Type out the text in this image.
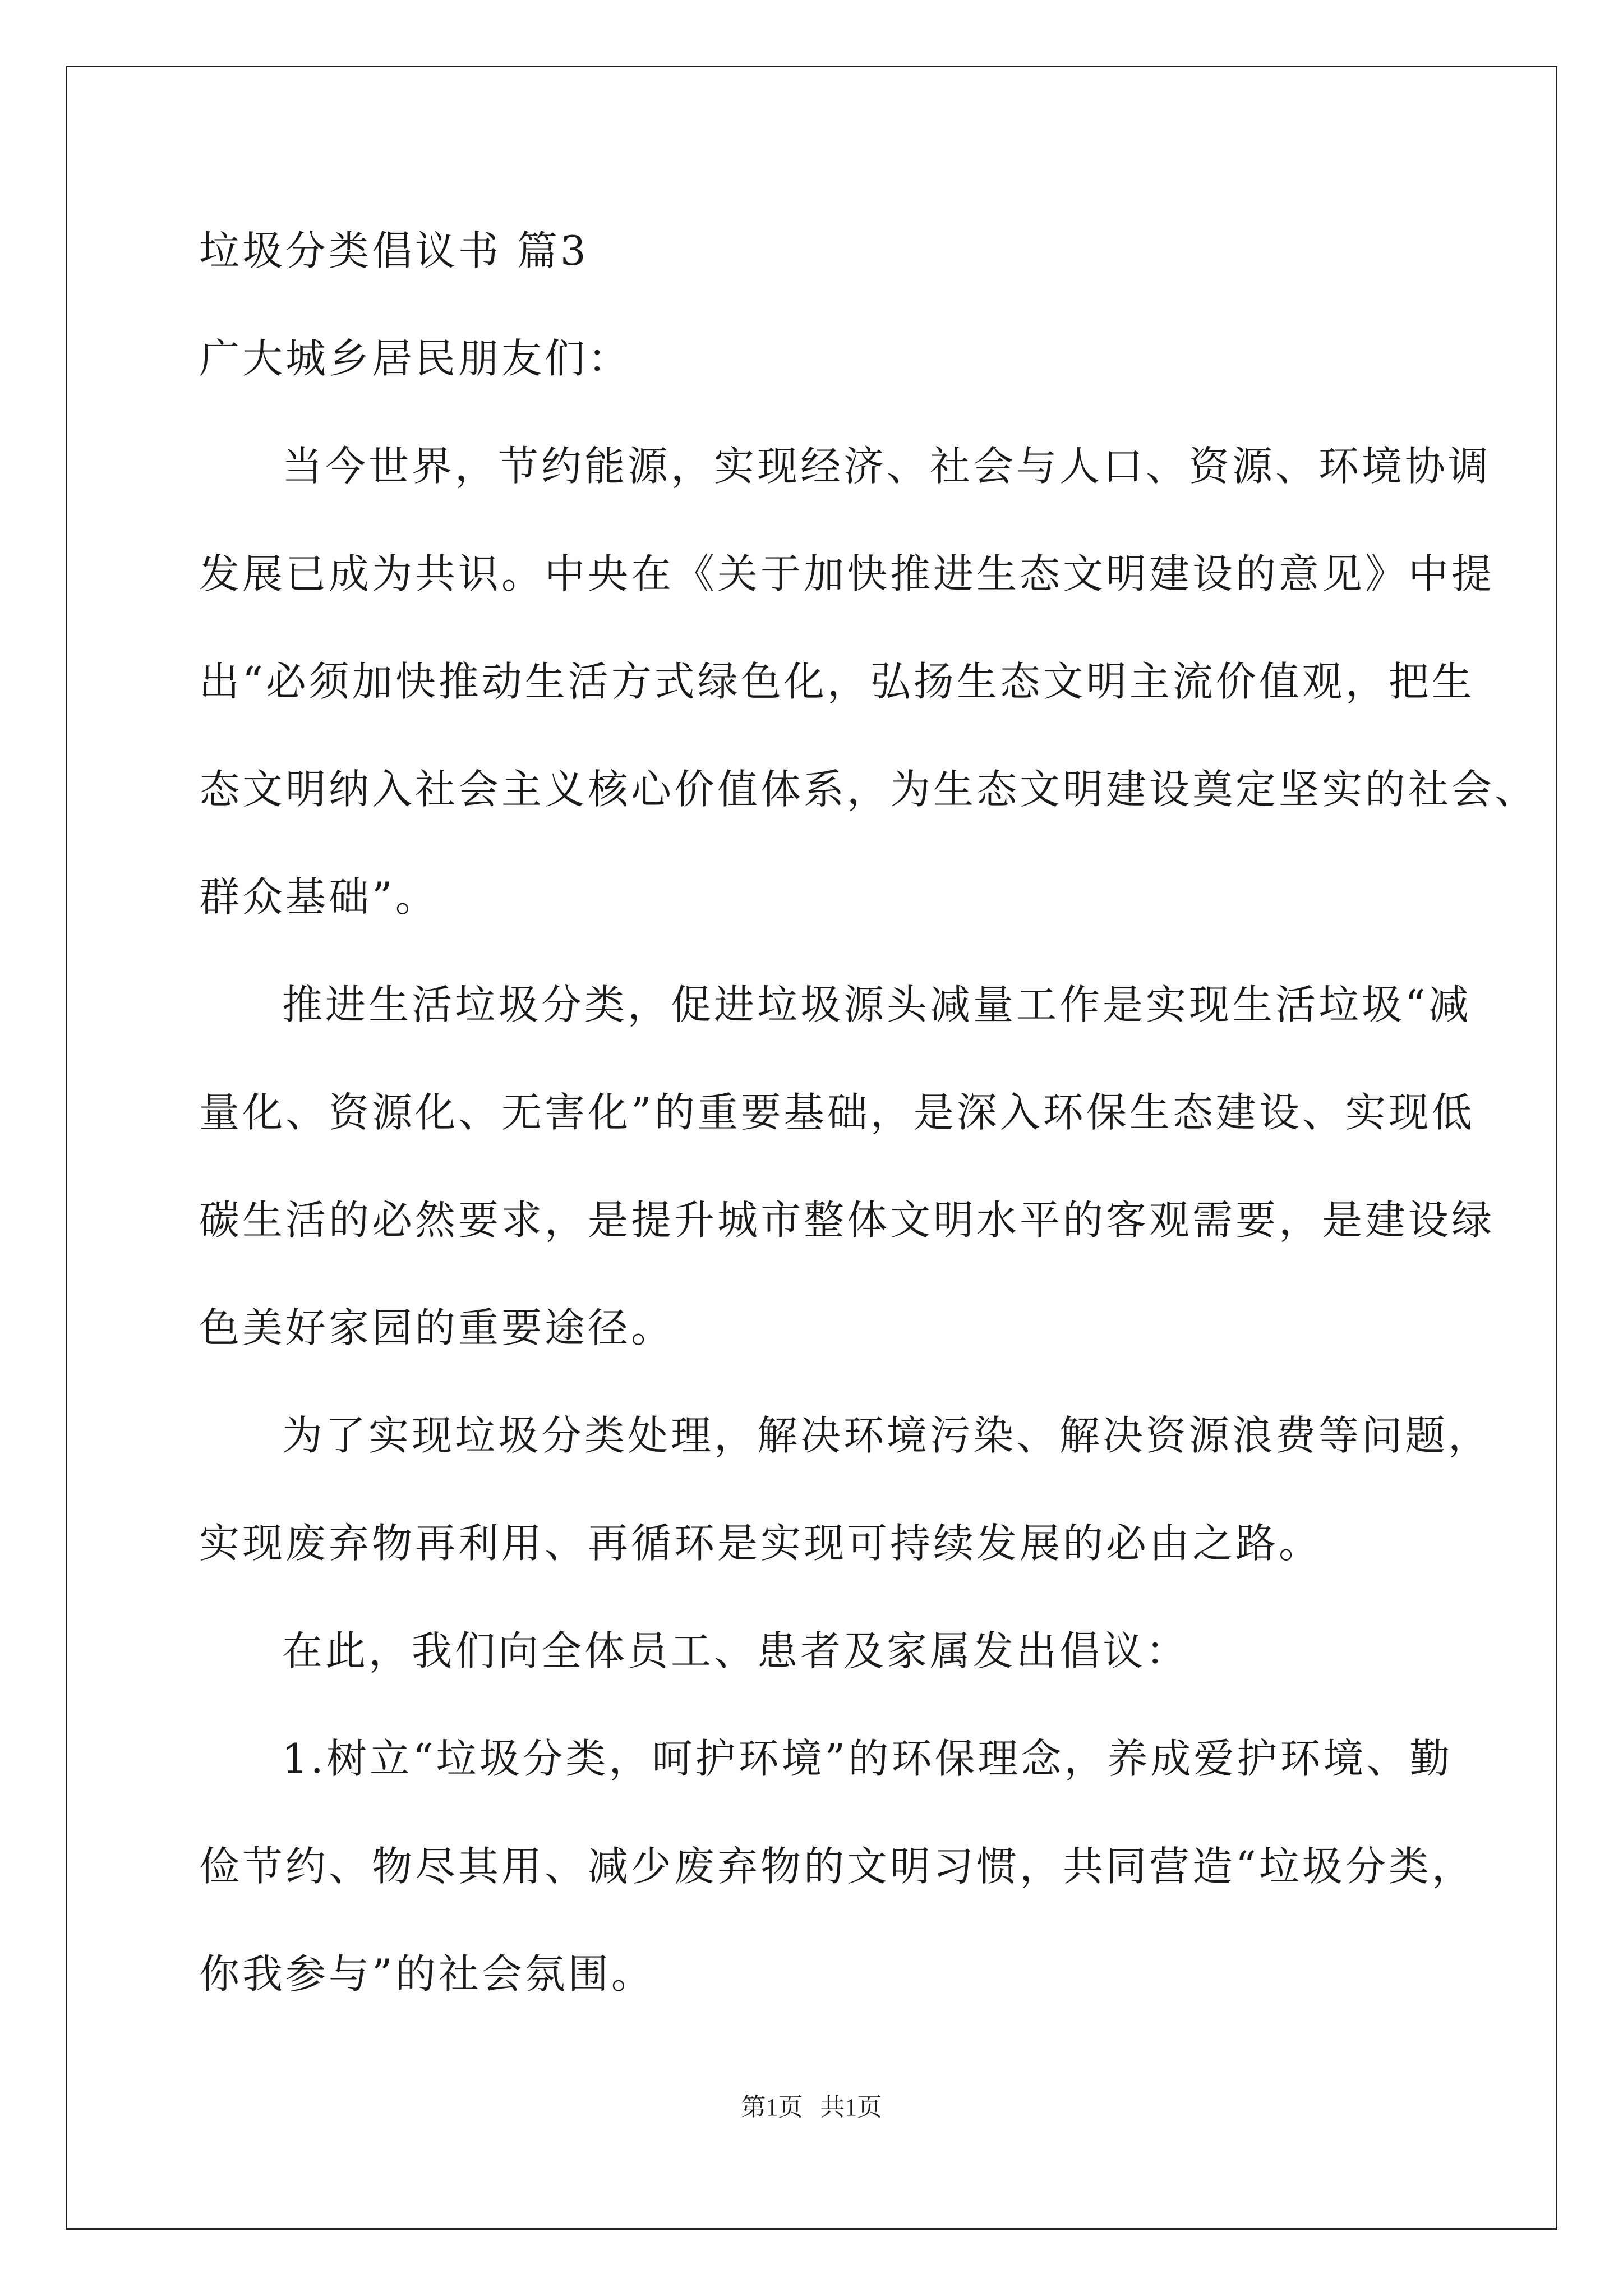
垃圾分类倡议书 篇3
广大城乡居民朋友们：
当今世界，节约能源，实现经济、社会与人口、资源、环境协调
发展已成为共识。中央在《关于加快推进生态文明建设的意见》中提
出“必须加快推动生活方式绿色化，弘扬生态文明主流价值观，把生
态文明纳入社会主义核心价值体系，为生态文明建设奠定坚实的社会、
群众基础”。
推进生活垃圾分类，促进垃圾源头减量工作是实现生活垃圾“减
量化、资源化、无害化”的重要基础，是深入环保生态建设、实现低
碳生活的必然要求，是提升城市整体文明水平的客观需要，是建设绿
色美好家园的重要途径。
为了实现垃圾分类处理，解决环境污染、解决资源浪费等问题，
实现废弃物再利用、再循环是实现可持续发展的必由之路。
在此，我们向全体员工、患者及家属发出倡议：
1.树立“垃圾分类，呵护环境”的环保理念，养成爱护环境、勤
俭节约、物尽其用、减少废弃物的文明习惯，共同营造“垃圾分类，
你我参与”的社会氛围。
第1页 共1页
